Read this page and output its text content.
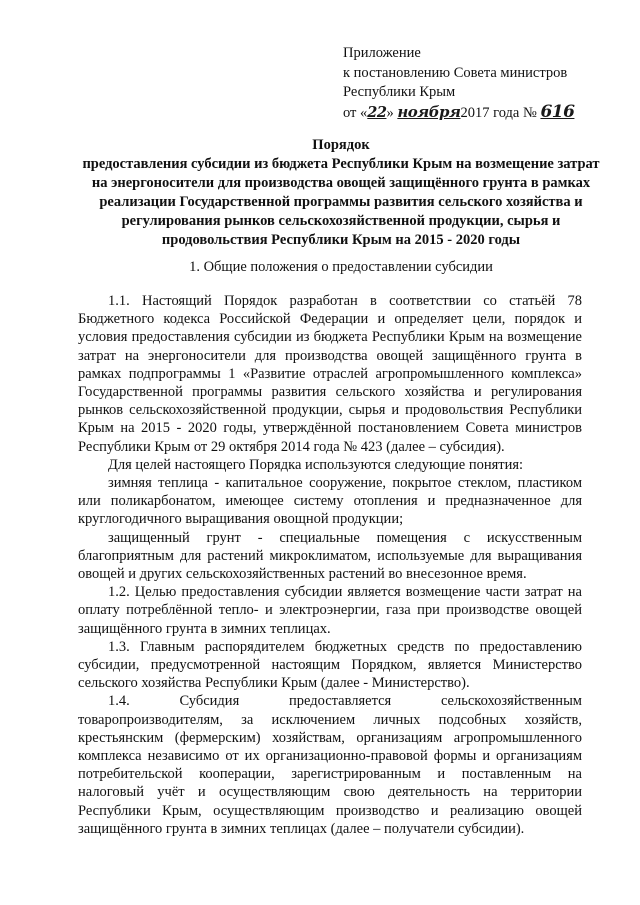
Приложение
к постановлению Совета министров
Республики Крым
от «22» ноября2017 года № 616
Порядок
предоставления субсидии из бюджета Республики Крым на возмещение затрат на энергоносители для производства овощей защищённого грунта в рамках реализации Государственной программы развития сельского хозяйства и регулирования рынков сельскохозяйственной продукции, сырья и продовольствия Республики Крым на 2015 - 2020 годы
1. Общие положения о предоставлении субсидии

1.1. Настоящий Порядок разработан в соответствии со статьёй 78 Бюджетного кодекса Российской Федерации и определяет цели, порядок и условия предоставления субсидии из бюджета Республики Крым на возмещение затрат на энергоносители для производства овощей защищённого грунта в рамках подпрограммы 1 «Развитие отраслей агропромышленного комплекса» Государственной программы развития сельского хозяйства и регулирования рынков сельскохозяйственной продукции, сырья и продовольствия Республики Крым на 2015 - 2020 годы, утверждённой постановлением Совета министров Республики Крым от 29 октября 2014 года № 423 (далее – субсидия).

Для целей настоящего Порядка используются следующие понятия:

зимняя теплица - капитальное сооружение, покрытое стеклом, пластиком или поликарбонатом, имеющее систему отопления и предназначенное для круглогодичного выращивания овощной продукции;

защищенный грунт - специальные помещения с искусственным благоприятным для растений микроклиматом, используемые для выращивания овощей и других сельскохозяйственных растений во внесезонное время.

1.2. Целью предоставления субсидии является возмещение части затрат на оплату потреблённой тепло- и электроэнергии, газа при производстве овощей защищённого грунта в зимних теплицах.

1.3. Главным распорядителем бюджетных средств по предоставлению субсидии, предусмотренной настоящим Порядком, является Министерство сельского хозяйства Республики Крым (далее - Министерство).

1.4. Субсидия предоставляется сельскохозяйственным товаропроизводителям, за исключением личных подсобных хозяйств, крестьянским (фермерским) хозяйствам, организациям агропромышленного комплекса независимо от их организационно-правовой формы и организациям потребительской кооперации, зарегистрированным и поставленным на налоговый учёт и осуществляющим свою деятельность на территории Республики Крым, осуществляющим производство и реализацию овощей защищённого грунта в зимних теплицах (далее – получатели субсидии).
